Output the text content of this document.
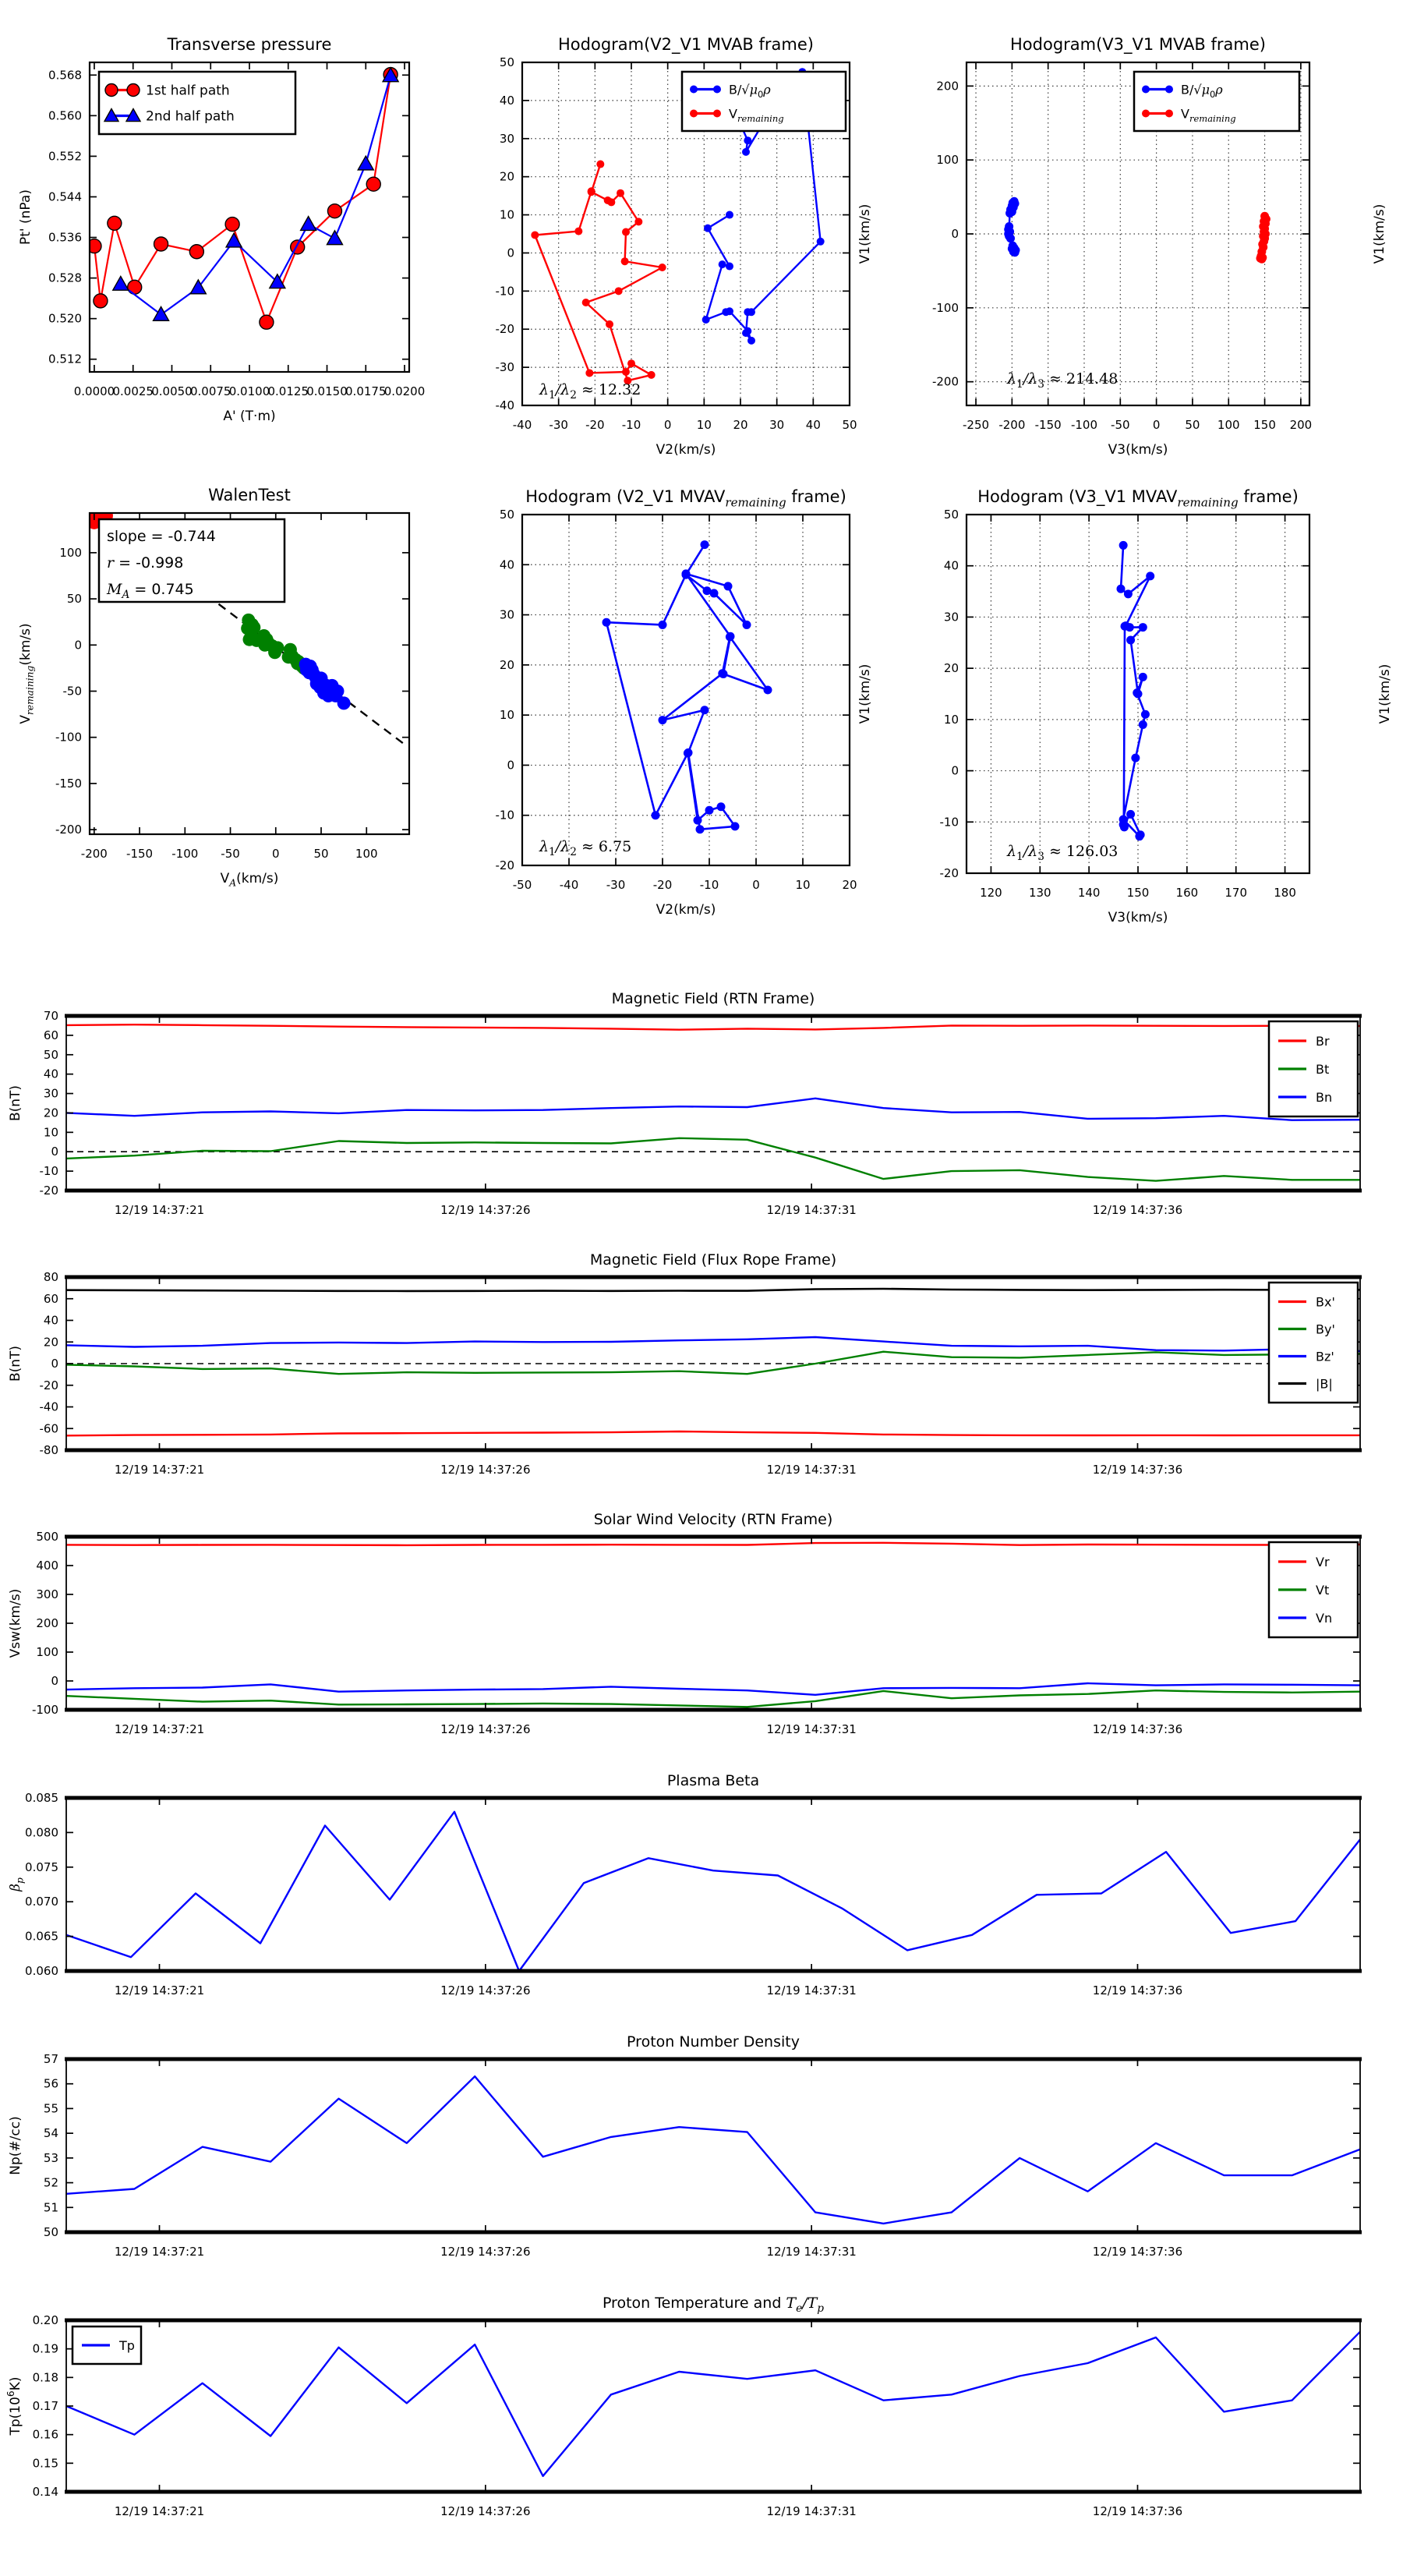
0.0000
0.0025
0.0050
0.0075
0.0100
0.0125
0.0150
0.0175
0.0200
0.512
0.520
0.528
0.536
0.544
0.552
0.560
0.568
Transverse pressure
A' (T·m)
Pt' (nPa)
1st half path
2nd half path
-40 -30 -20 -10 0 10 20 30 40 50
-40
-30
-20
-10
0
10
20
30
40
50
Hodogram(V2_V1 MVAB frame)
V2(km/s)
$B/√\mu_0\rho$
$V_{remaining}$
$\lambda_1/\lambda_2 \approx 12.32$
-250 -200 -150 -100 -50 0 50 100 150 200
-200
-100
0
100
200
Hodogram(V3_V1 MVAB frame)
V3(km/s)
V1(km/s)	V1(km/s)
$B/√\mu_0\rho$
$V_{remaining}$
$\lambda_1/\lambda_3 \approx 214.48$
-200 -150 -100 -50	0	50 100
-200
-150
-100
-50
0
50
100
WalenTest
$V_A(km/s)$
$V_{remaining}(km/s)$
slope = -0.744
r = -0.998
$M_A = 0.745$
-50 -40 -30 -20 -10	0	10	20
-20
-10
0
10
20
30
40
50
Hodogram (V2_V1 $MVAV_{remaining}$ frame)
V2(km/s)
$\lambda_1/\lambda_2 \approx 6.75$
120 130 140 150 160 170 180
-20
-10
0
10
20
30
40
50
Hodogram (V3_V1 $MVAV_{remaining}$ frame)
V3(km/s)
V1(km/s)	V1(km/s)
$\lambda_1/\lambda_3 \approx 126.03$
12/19 14:37:21	12/19 14:37:26	12/19 14:37:31	12/19 14:37:36
-20
-10
0
10
20
30
40
50
60
70
Magnetic Field (RTN Frame)
B(nT)
Br
Bt
Bn
12/19 14:37:21	12/19 14:37:26	12/19 14:37:31	12/19 14:37:36
-80
-60
-40
-20
0
20
40
60
80
Magnetic Field (Flux Rope Frame)
B(nT)
Bx'
By'
Bz'
|B|
12/19 14:37:21	12/19 14:37:26	12/19 14:37:31	12/19 14:37:36
-100
0
100
200
300
400
500
Solar Wind Velocity (RTN Frame)
Vsw(km/s)
Vr
Vt
Vn
12/19 14:37:21	12/19 14:37:26	12/19 14:37:31	12/19 14:37:36
0.060
0.065
0.070
0.075
0.080
0.085
Plasma Beta
$\beta_p$
12/19 14:37:21	12/19 14:37:26	12/19 14:37:31	12/19 14:37:36
50
51
52
53
54
55
56
57
Proton Number Density
Np(#/cc)
12/19 14:37:21	12/19 14:37:26	12/19 14:37:31	12/19 14:37:36
0.14
0.15
0.16
0.17
0.18
0.19
0.20
Proton Temperature and $T_e/T_p$
$Tp(10^6K)$
Tp
